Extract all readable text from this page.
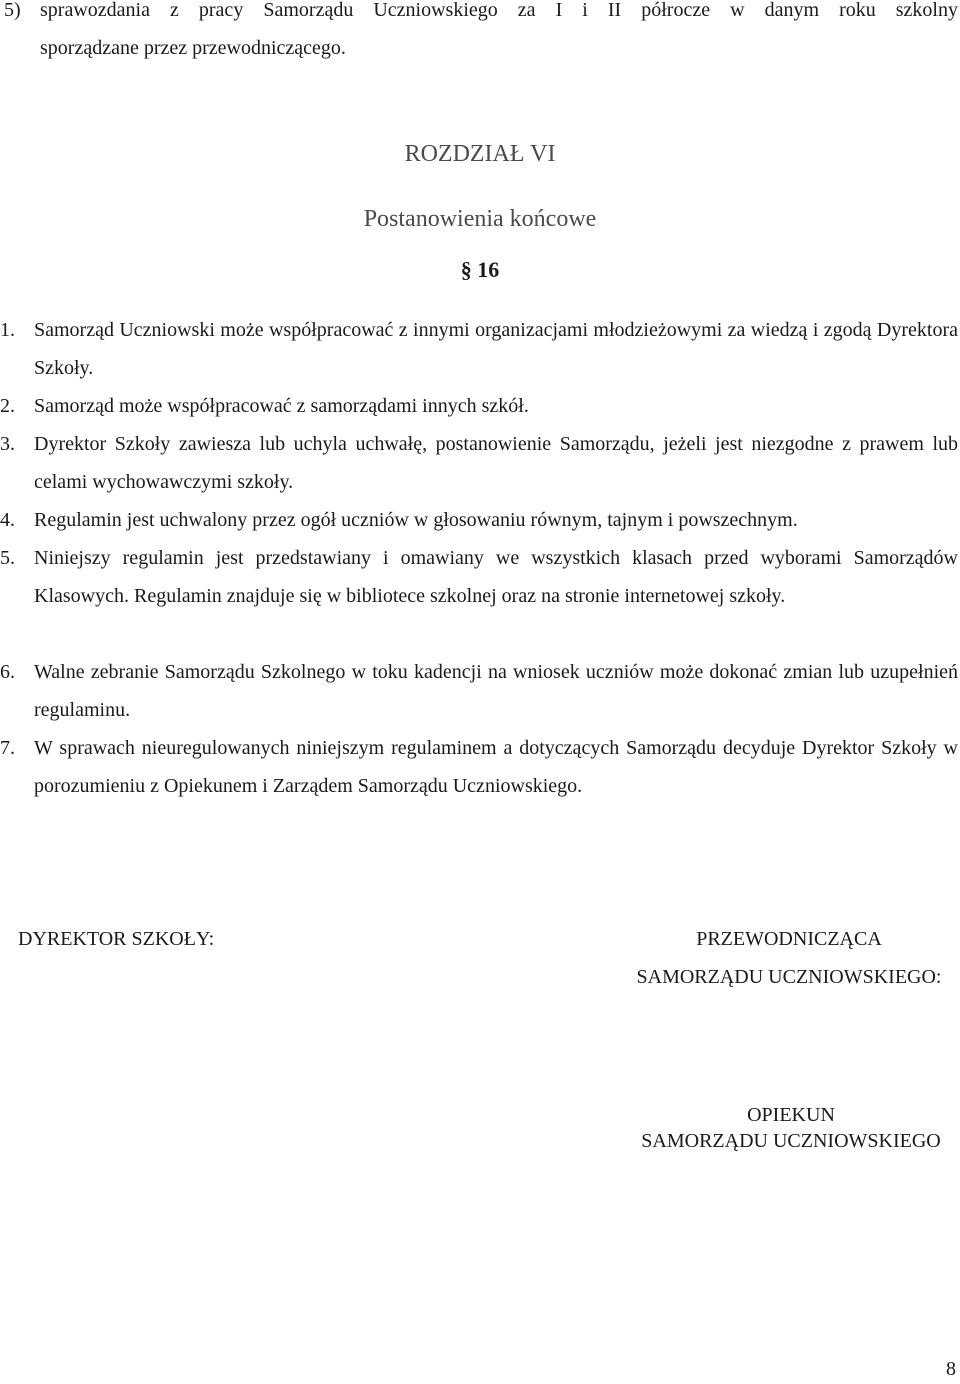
5) sprawozdania z pracy Samorządu Uczniowskiego za I i II półrocze w danym roku szkolny
sporządzane przez przewodniczącego.
ROZDZIAŁ VI
Postanowienia końcowe
§ 16
1. Samorząd Uczniowski może współpracować z innymi organizacjami młodzieżowymi za wiedzą i zgodą Dyrektora Szkoły.
2. Samorząd może współpracować z samorządami innych szkół.
3. Dyrektor Szkoły zawiesza lub uchyla uchwałę, postanowienie Samorządu, jeżeli jest niezgodne z prawem lub celami wychowawczymi szkoły.
4. Regulamin jest uchwalony przez ogół uczniów w głosowaniu równym, tajnym i powszechnym.
5. Niniejszy regulamin jest przedstawiany i omawiany we wszystkich klasach przed wyborami Samorządów Klasowych. Regulamin znajduje się w bibliotece szkolnej oraz na stronie internetowej szkoły.
6. Walne zebranie Samorządu Szkolnego w toku kadencji na wniosek uczniów może dokonać zmian lub uzupełnień regulaminu.
7. W sprawach nieuregulowanych niniejszym regulaminem a dotyczących Samorządu decyduje Dyrektor Szkoły w porozumieniu z Opiekunem i Zarządem Samorządu Uczniowskiego.
DYREKTOR SZKOŁY:	PRZEWODNICZĄCA
SAMORZĄDU UCZNIOWSKIEGO:
OPIEKUN
SAMORZĄDU UCZNIOWSKIEGO
8
